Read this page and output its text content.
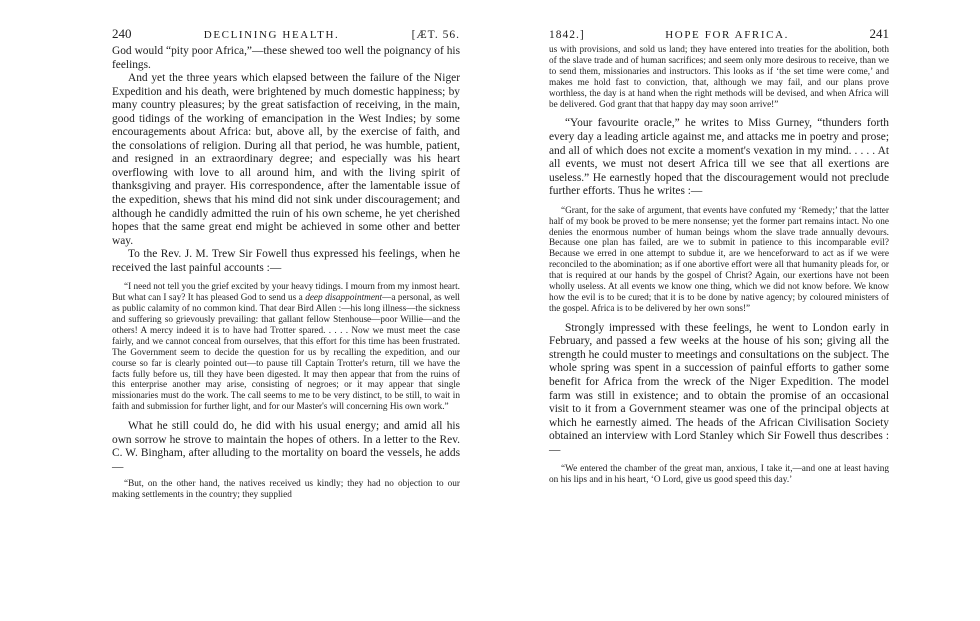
240	DECLINING HEALTH.	[ÆT. 56.

God would “pity poor Africa,”—these shewed too well the poignancy of his feelings.

And yet the three years which elapsed between the failure of the Niger Expedition and his death, were brightened by much domestic happiness; by many country pleasures; by the great satisfaction of receiving, in the main, good tidings of the working of emancipation in the West Indies; by some encouragements about Africa: but, above all, by the exercise of faith, and the consolations of religion. During all that period, he was humble, patient, and resigned in an extraordinary degree; and especially was his heart overflowing with love to all around him, and with the living spirit of thanksgiving and prayer. His correspondence, after the lamentable issue of the expedition, shews that his mind did not sink under discouragement; and although he candidly admitted the ruin of his own scheme, he yet cherished hopes that the same great end might be achieved in some other and better way.

To the Rev. J. M. Trew Sir Fowell thus expressed his feelings, when he received the last painful accounts :—

“I need not tell you the grief excited by your heavy tidings. I mourn from my inmost heart. But what can I say? It has pleased God to send us a deep disappointment—a personal, as well as public calamity of no common kind. That dear Bird Allen :—his long illness—the sickness and suffering so grievously prevailing: that gallant fellow Stenhouse—poor Willie—and the others! A mercy indeed it is to have had Trotter spared. . . . . Now we must meet the case fairly, and we cannot conceal from ourselves, that this effort for this time has been frustrated. The Government seem to decide the question for us by recalling the expedition, and our course so far is clearly pointed out—to pause till Captain Trotter's return, till we have the facts fully before us, till they have been digested. It may then appear that from the ruins of this enterprise another may arise, consisting of negroes; or it may appear that single missionaries must do the work. The call seems to me to be very distinct, to be still, to wait in faith and submission for further light, and for our Master's will concerning His own work.”

What he still could do, he did with his usual energy; and amid all his own sorrow he strove to maintain the hopes of others. In a letter to the Rev. C. W. Bingham, after alluding to the mortality on board the vessels, he adds—

“But, on the other hand, the natives received us kindly; they had no objection to our making settlements in the country; they supplied

1842.]	HOPE FOR AFRICA.	241

us with provisions, and sold us land; they have entered into treaties for the abolition, both of the slave trade and of human sacrifices; and seem only more desirous to receive, than we to send them, missionaries and instructors. This looks as if ‘the set time were come,’ and makes me hold fast to conviction, that, although we may fail, and our plans prove worthless, the day is at hand when the right methods will be devised, and when Africa will be delivered. God grant that that happy day may soon arrive!”

“Your favourite oracle,” he writes to Miss Gurney, “thunders forth every day a leading article against me, and attacks me in poetry and prose; and all of which does not excite a moment's vexation in my mind. . . . . At all events, we must not desert Africa till we see that all exertions are useless.” He earnestly hoped that the discouragement would not preclude further efforts. Thus he writes :—

“Grant, for the sake of argument, that events have confuted my ‘Remedy;’ that the latter half of my book be proved to be mere nonsense; yet the former part remains intact. No one denies the enormous number of human beings whom the slave trade annually devours. Because one plan has failed, are we to submit in patience to this incomparable evil? Because we erred in one attempt to subdue it, are we henceforward to act as if we were reconciled to the abomination; as if one abortive effort were all that humanity pleads for, or that is required at our hands by the gospel of Christ? Again, our exertions have not been wholly useless. At all events we know one thing, which we did not know before. We know how the evil is to be cured; that it is to be done by native agency; by coloured ministers of the gospel. Africa is to be delivered by her own sons!”

Strongly impressed with these feelings, he went to London early in February, and passed a few weeks at the house of his son; giving all the strength he could muster to meetings and consultations on the subject. The whole spring was spent in a succession of painful efforts to gather some benefit for Africa from the wreck of the Niger Expedition. The model farm was still in existence; and to obtain the promise of an occasional visit to it from a Government steamer was one of the principal objects at which he earnestly aimed. The heads of the African Civilisation Society obtained an interview with Lord Stanley which Sir Fowell thus describes :—

“We entered the chamber of the great man, anxious, I take it,—and one at least having on his lips and in his heart, ‘O Lord, give us good speed this day.’
